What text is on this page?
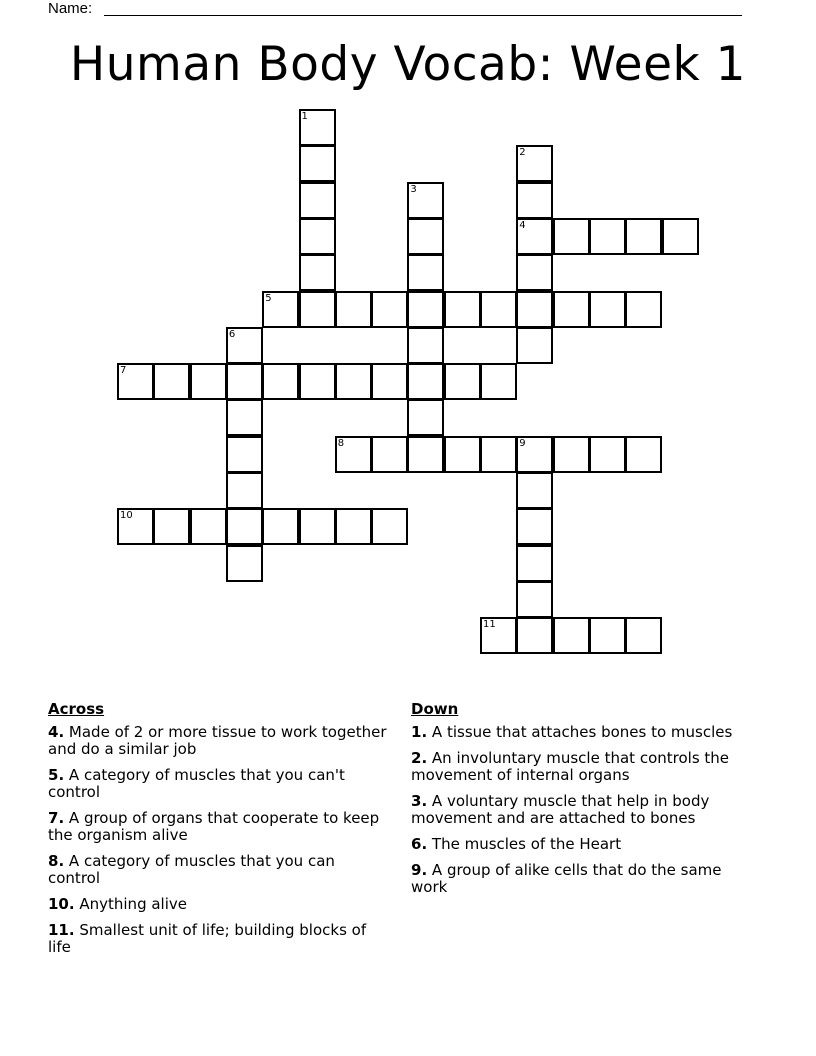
Name:
Human Body Vocab: Week 1
1
2
3
4
5
6
7
8	9
10
11
Across
4. Made of 2 or more tissue to work together and do a similar job
5. A category of muscles that you can't control
7. A group of organs that cooperate to keep the organism alive
8. A category of muscles that you can control
10. Anything alive
11. Smallest unit of life; building blocks of life
Down
1. A tissue that attaches bones to muscles
2. An involuntary muscle that controls the movement of internal organs
3. A voluntary muscle that help in body movement and are attached to bones
6. The muscles of the Heart
9. A group of alike cells that do the same work
